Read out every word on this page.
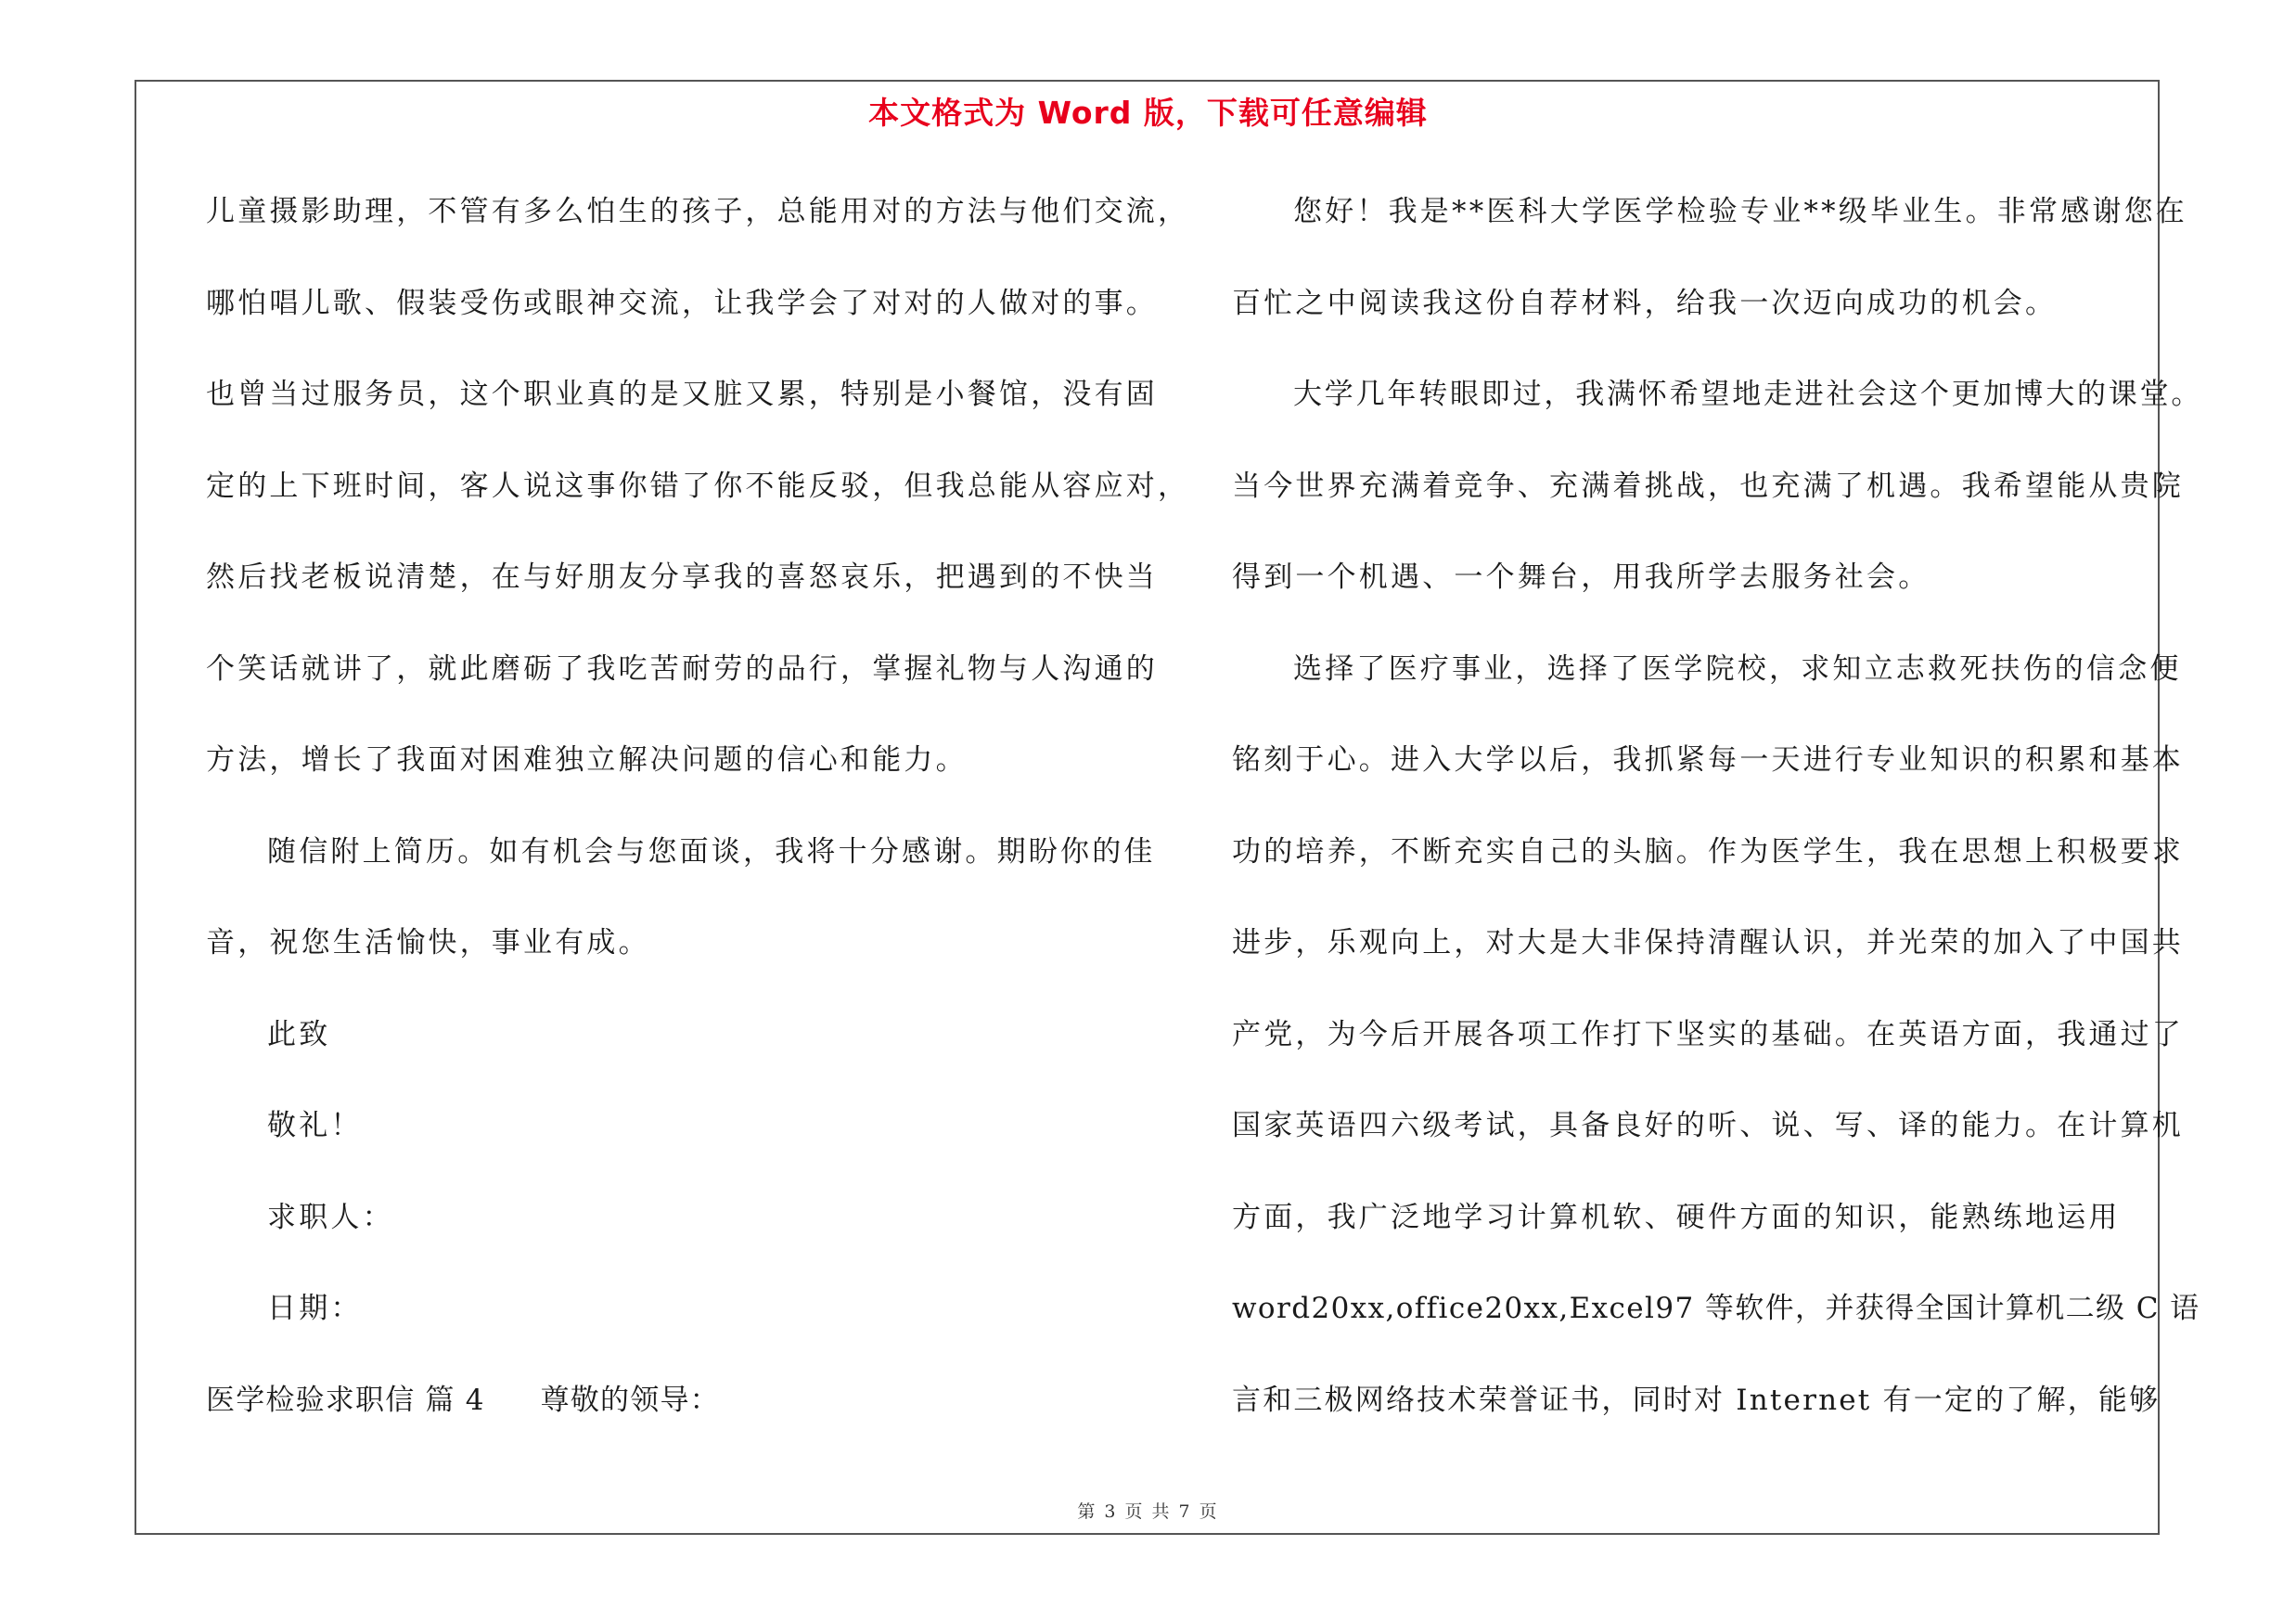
本文格式为 Word 版，下载可任意编辑
儿童摄影助理，不管有多么怕生的孩子，总能用对的方法与他们交流，
哪怕唱儿歌、假装受伤或眼神交流，让我学会了对对的人做对的事。
也曾当过服务员，这个职业真的是又脏又累，特别是小餐馆，没有固
定的上下班时间，客人说这事你错了你不能反驳，但我总能从容应对，
然后找老板说清楚，在与好朋友分享我的喜怒哀乐，把遇到的不快当
个笑话就讲了，就此磨砺了我吃苦耐劳的品行，掌握礼物与人沟通的
方法，增长了我面对困难独立解决问题的信心和能力。
随信附上简历。如有机会与您面谈，我将十分感谢。期盼你的佳
音，祝您生活愉快，事业有成。
此致
敬礼！
求职人：
日期：
医学检验求职信 篇 4 尊敬的领导：
您好！我是**医科大学医学检验专业**级毕业生。非常感谢您在
百忙之中阅读我这份自荐材料，给我一次迈向成功的机会。
大学几年转眼即过，我满怀希望地走进社会这个更加博大的课堂。
当今世界充满着竞争、充满着挑战，也充满了机遇。我希望能从贵院
得到一个机遇、一个舞台，用我所学去服务社会。
选择了医疗事业，选择了医学院校，求知立志救死扶伤的信念便
铭刻于心。进入大学以后，我抓紧每一天进行专业知识的积累和基本
功的培养，不断充实自己的头脑。作为医学生，我在思想上积极要求
进步，乐观向上，对大是大非保持清醒认识，并光荣的加入了中国共
产党，为今后开展各项工作打下坚实的基础。在英语方面，我通过了
国家英语四六级考试，具备良好的听、说、写、译的能力。在计算机
方面，我广泛地学习计算机软、硬件方面的知识，能熟练地运用
word20xx,office20xx,Excel97 等软件，并获得全国计算机二级 C 语
言和三极网络技术荣誉证书，同时对 Internet 有一定的了解，能够
第 3 页 共 7 页
